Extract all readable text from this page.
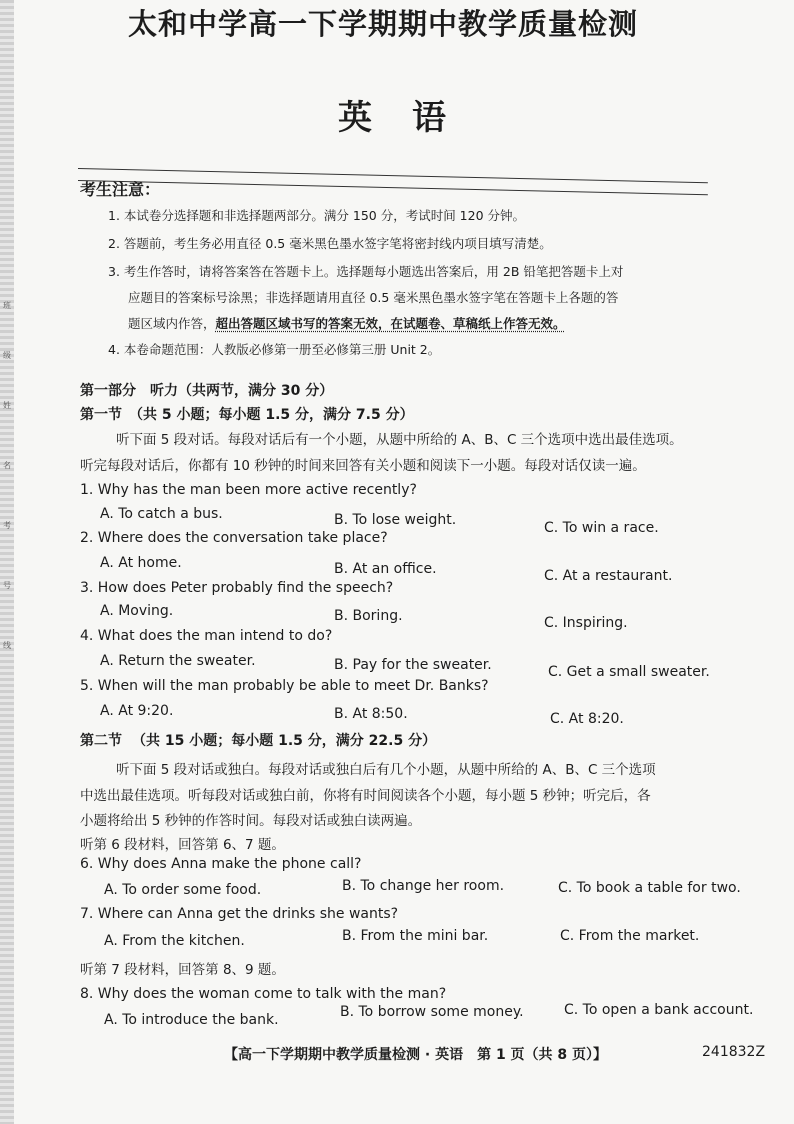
班
级
姓
名
考
号
线
太和中学高一下学期期中教学质量检测
英语
考生注意：
1. 本试卷分选择题和非选择题两部分。满分 150 分，考试时间 120 分钟。
2. 答题前，考生务必用直径 0.5 毫米黑色墨水签字笔将密封线内项目填写清楚。
3. 考生作答时，请将答案答在答题卡上。选择题每小题选出答案后，用 2B 铅笔把答题卡上对
应题目的答案标号涂黑；非选择题请用直径 0.5 毫米黑色墨水签字笔在答题卡上各题的答
题区域内作答，超出答题区域书写的答案无效，在试题卷、草稿纸上作答无效。
4. 本卷命题范围：人教版必修第一册至必修第三册 Unit 2。
第一部分　听力（共两节，满分 30 分）
第一节　（共 5 小题；每小题 1.5 分，满分 7.5 分）
听下面 5 段对话。每段对话后有一个小题，从题中所给的 A、B、C 三个选项中选出最佳选项。
听完每段对话后，你都有 10 秒钟的时间来回答有关小题和阅读下一小题。每段对话仅读一遍。
1. Why has the man been more active recently?
A. To catch a bus.	B. To lose weight.	C. To win a race.
2. Where does the conversation take place?
A. At home.	B. At an office.	C. At a restaurant.
3. How does Peter probably find the speech?
A. Moving.	B. Boring.	C. Inspiring.
4. What does the man intend to do?
A. Return the sweater.	B. Pay for the sweater.	C. Get a small sweater.
5. When will the man probably be able to meet Dr. Banks?
A. At 9:20.	B. At 8:50.	C. At 8:20.
第二节 （共 15 小题；每小题 1.5 分，满分 22.5 分）
听下面 5 段对话或独白。每段对话或独白后有几个小题，从题中所给的 A、B、C 三个选项
中选出最佳选项。听每段对话或独白前，你将有时间阅读各个小题，每小题 5 秒钟；听完后，各
小题将给出 5 秒钟的作答时间。每段对话或独白读两遍。
听第 6 段材料，回答第 6、7 题。
6. Why does Anna make the phone call?
A. To order some food.	B. To change her room.	C. To book a table for two.
7. Where can Anna get the drinks she wants?
A. From the kitchen.	B. From the mini bar.	C. From the market.
听第 7 段材料，回答第 8、9 题。
8. Why does the woman come to talk with the man?
A. To introduce the bank.	B. To borrow some money.	C. To open a bank account.
【高一下学期期中教学质量检测 · 英语　第 1 页（共 8 页）】	241832Z
